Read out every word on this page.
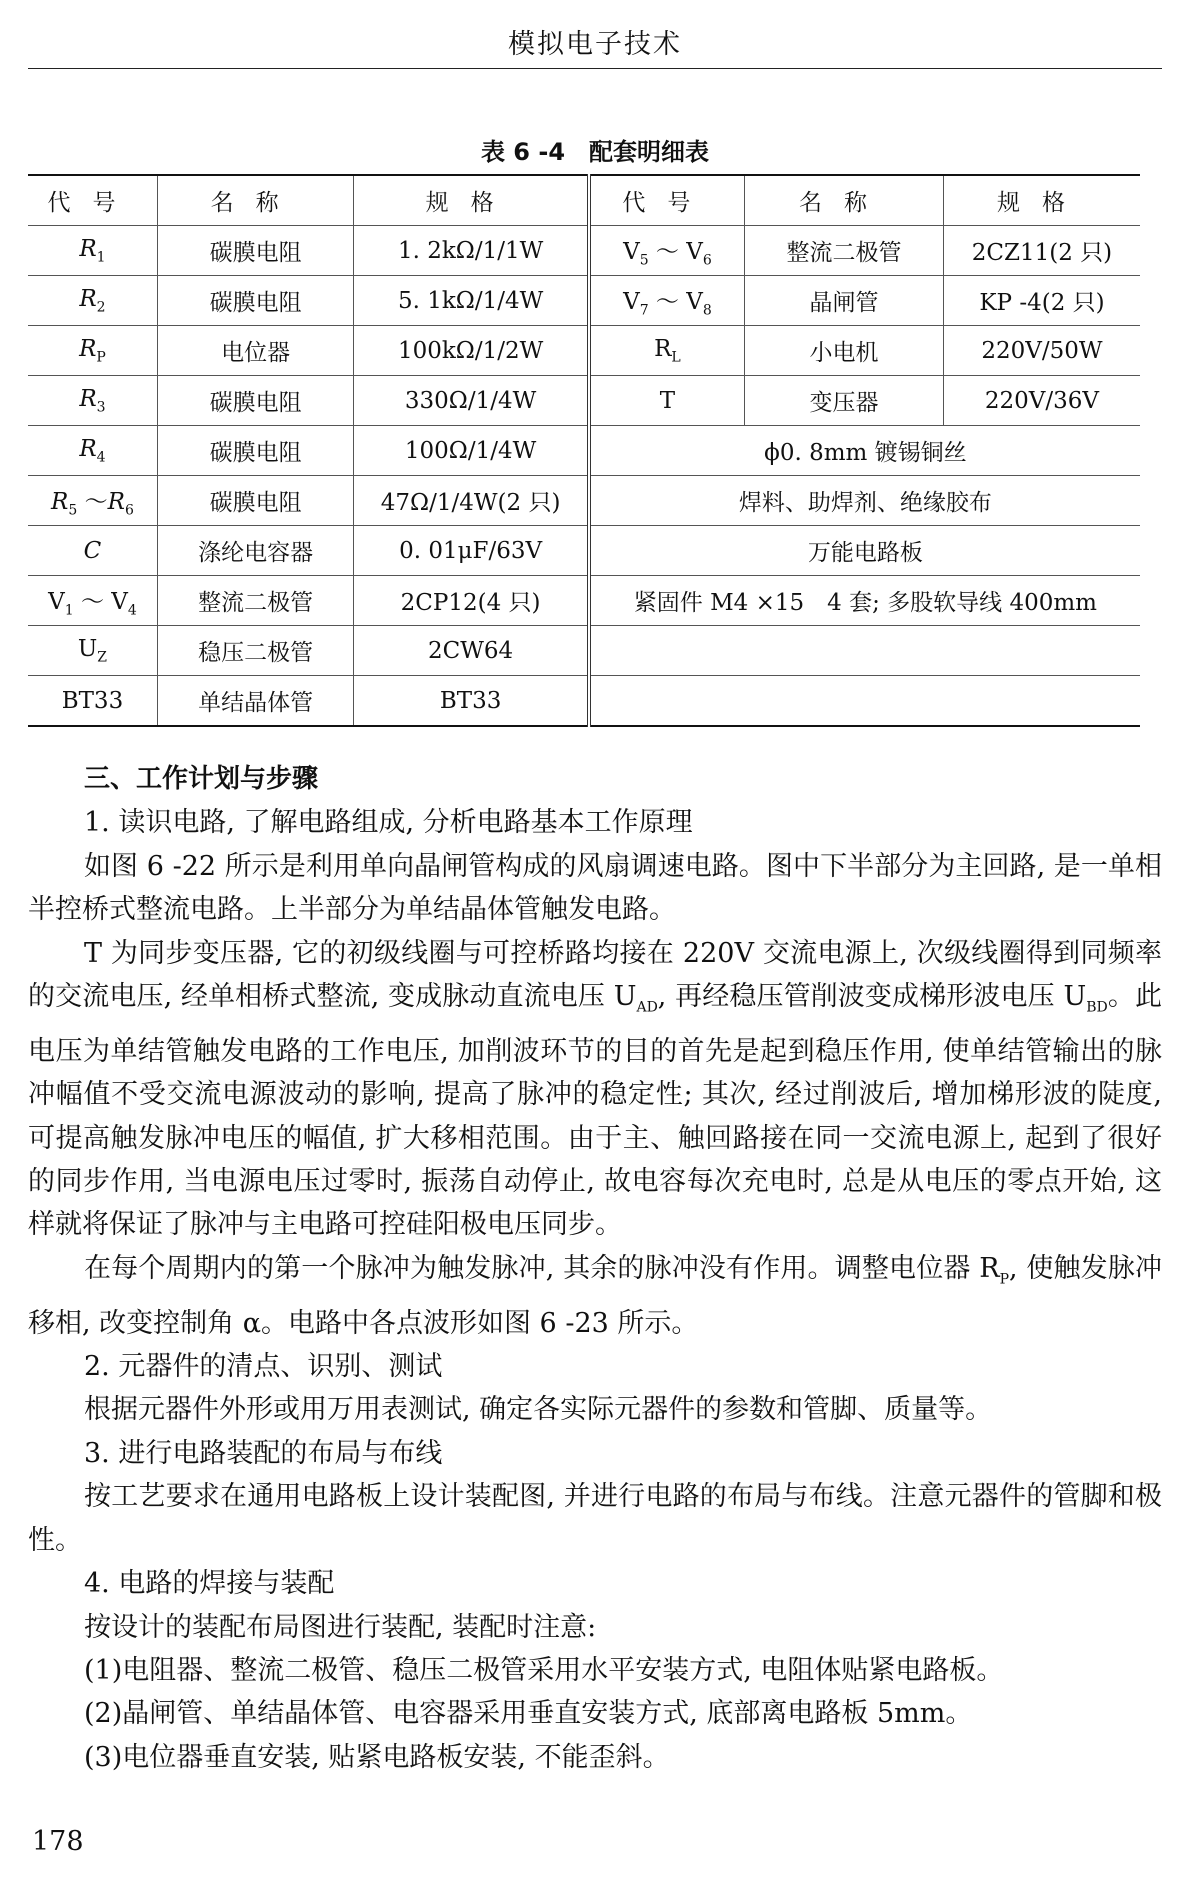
模拟电子技术
表 6 -4　配套明细表
代号	名称	规格	代号	名称	规格
$R_1$	碳膜电阻	1. 2kΩ/1/1W	$V_5$ ～ $V_6$	整流二极管	2CZ11(2 只)
$R_2$	碳膜电阻	5. 1kΩ/1/4W	$V_7$ ～ $V_8$	晶闸管	KP -4(2 只)
$R_P$	电位器	100kΩ/1/2W	$R_L$	小电机	220V/50W
$R_3$	碳膜电阻	330Ω/1/4W	T	变压器	220V/36V
$R_4$	碳膜电阻	100Ω/1/4W	ϕ0. 8mm 镀锡铜丝		
$R_5$ $\sim R_6$	碳膜电阻	47Ω/1/4W(2 只)	焊料、助焊剂、绝缘胶布		
C	涤纶电容器	0. 01μF/63V	万能电路板		
$V_1$ ～ $V_4$	整流二极管	2CP12(4 只)	紧固件 M4 ×15　4 套; 多股软导线 400mm		
$U_Z$	稳压二极管	2CW64			
BT33	单结晶体管	BT33			

三、工作计划与步骤

1. 读识电路, 了解电路组成, 分析电路基本工作原理

如图 6 -22 所示是利用单向晶闸管构成的风扇调速电路。图中下半部分为主回路, 是一单相半控桥式整流电路。上半部分为单结晶体管触发电路。

T 为同步变压器, 它的初级线圈与可控桥路均接在 220V 交流电源上, 次级线圈得到同频率的交流电压, 经单相桥式整流, 变成脉动直流电压 $U_{AD}$, 再经稳压管削波变成梯形波电压 $U_{BD}$。此电压为单结管触发电路的工作电压, 加削波环节的目的首先是起到稳压作用, 使单结管输出的脉冲幅值不受交流电源波动的影响, 提高了脉冲的稳定性; 其次, 经过削波后, 增加梯形波的陡度, 可提高触发脉冲电压的幅值, 扩大移相范围。由于主、触回路接在同一交流电源上, 起到了很好的同步作用, 当电源电压过零时, 振荡自动停止, 故电容每次充电时, 总是从电压的零点开始, 这样就将保证了脉冲与主电路可控硅阳极电压同步。

在每个周期内的第一个脉冲为触发脉冲, 其余的脉冲没有作用。调整电位器 $R_P$, 使触发脉冲移相, 改变控制角 α。电路中各点波形如图 6 -23 所示。

2. 元器件的清点、识别、测试

根据元器件外形或用万用表测试, 确定各实际元器件的参数和管脚、质量等。

3. 进行电路装配的布局与布线

按工艺要求在通用电路板上设计装配图, 并进行电路的布局与布线。注意元器件的管脚和极性。

4. 电路的焊接与装配

按设计的装配布局图进行装配, 装配时注意:

(1)电阻器、整流二极管、稳压二极管采用水平安装方式, 电阻体贴紧电路板。

(2)晶闸管、单结晶体管、电容器采用垂直安装方式, 底部离电路板 5mm。

(3)电位器垂直安装, 贴紧电路板安装, 不能歪斜。

178
